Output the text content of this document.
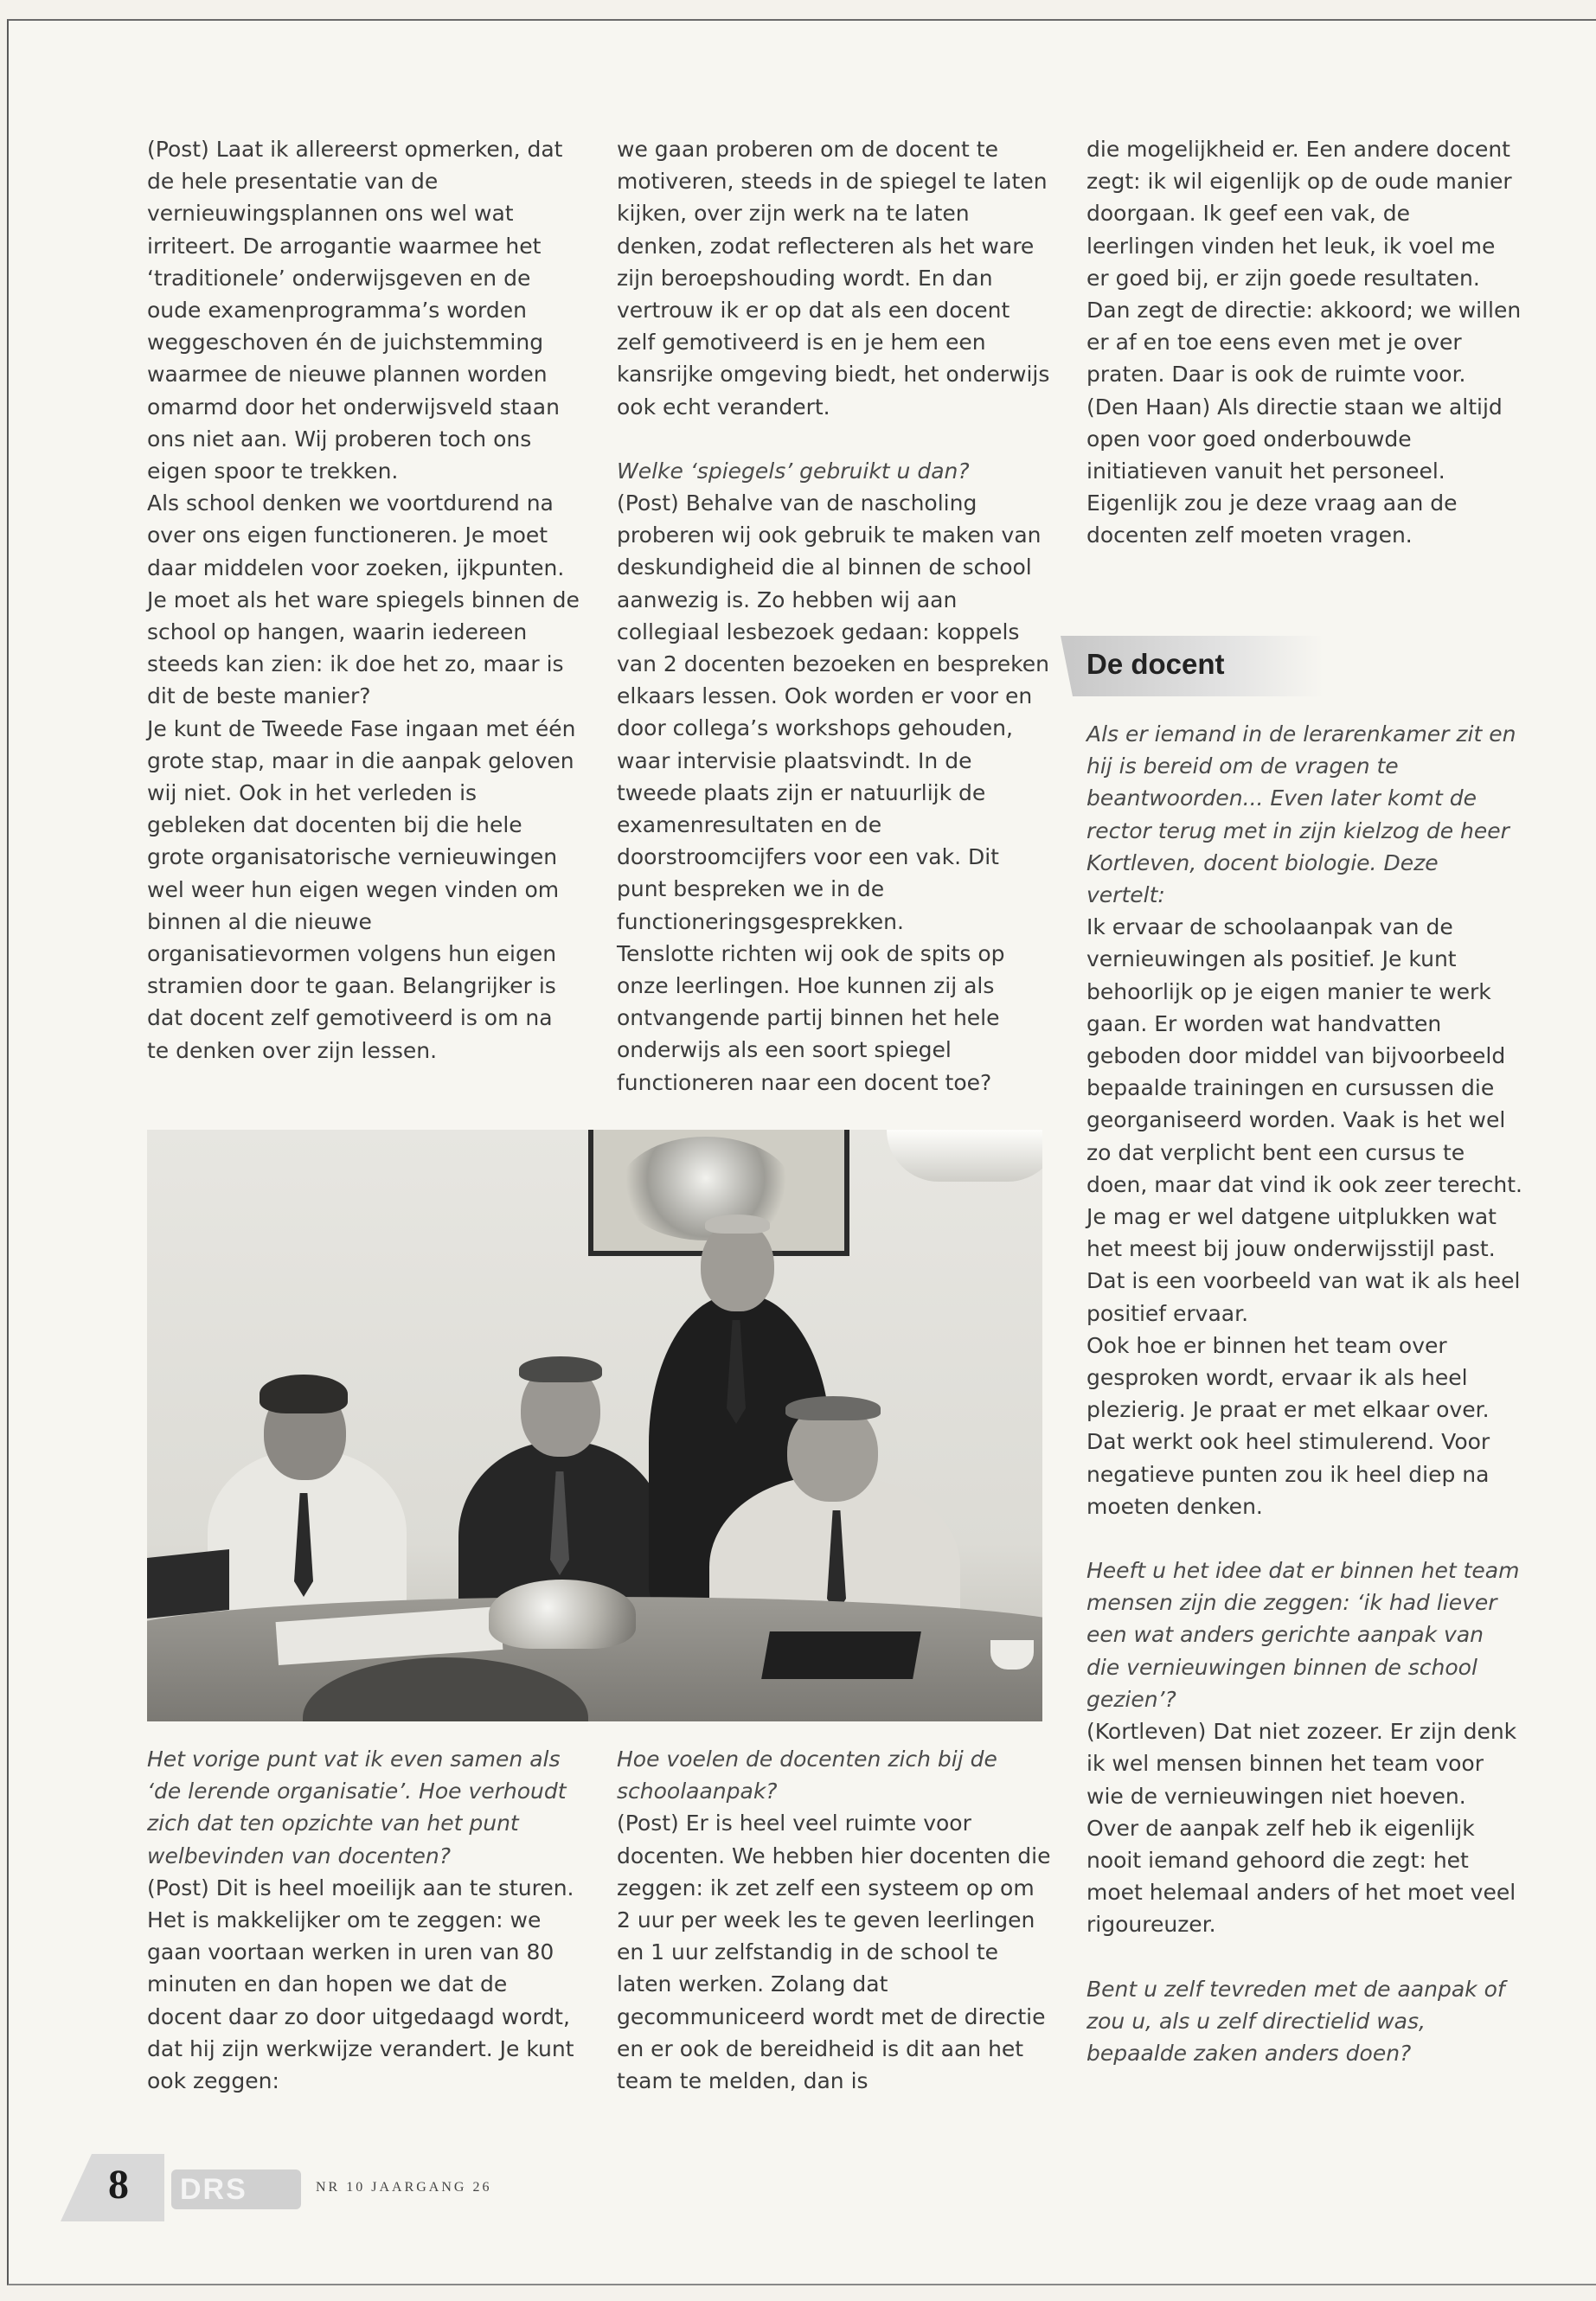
(Post) Laat ik allereerst opmerken, dat de hele presentatie van de vernieuwingsplannen ons wel wat irriteert. De arrogantie waarmee het ‘traditionele’ onderwijsgeven en de oude examenprogramma’s worden weggeschoven én de juichstemming waarmee de nieuwe plannen worden omarmd door het onderwijsveld staan ons niet aan. Wij proberen toch ons eigen spoor te trekken.

Als school denken we voortdurend na over ons eigen functioneren. Je moet daar middelen voor zoeken, ijkpunten. Je moet als het ware spiegels binnen de school op hangen, waarin iedereen steeds kan zien: ik doe het zo, maar is dit de beste manier?

Je kunt de Tweede Fase ingaan met één grote stap, maar in die aanpak geloven wij niet. Ook in het verleden is gebleken dat docenten bij die hele grote organisatorische vernieuwingen wel weer hun eigen wegen vinden om binnen al die nieuwe organisatievormen volgens hun eigen stramien door te gaan. Belangrijker is dat docent zelf gemotiveerd is om na te denken over zijn lessen.

we gaan proberen om de docent te motiveren, steeds in de spiegel te laten kijken, over zijn werk na te laten denken, zodat reflecteren als het ware zijn beroepshouding wordt. En dan vertrouw ik er op dat als een docent zelf gemotiveerd is en je hem een kansrijke omgeving biedt, het onderwijs ook echt verandert.

Welke ‘spiegels’ gebruikt u dan?

(Post) Behalve van de nascholing proberen wij ook gebruik te maken van deskundigheid die al binnen de school aanwezig is. Zo hebben wij aan collegiaal lesbezoek gedaan: koppels van 2 docenten bezoeken en bespreken elkaars lessen. Ook worden er voor en door collega’s workshops gehouden, waar intervisie plaatsvindt. In de tweede plaats zijn er natuurlijk de examenresultaten en de doorstroomcijfers voor een vak. Dit punt bespreken we in de functioneringsgesprekken.

Tenslotte richten wij ook de spits op onze leerlingen. Hoe kunnen zij als ontvangende partij binnen het hele onderwijs als een soort spiegel functioneren naar een docent toe?

die mogelijkheid er. Een andere docent zegt: ik wil eigenlijk op de oude manier doorgaan. Ik geef een vak, de leerlingen vinden het leuk, ik voel me er goed bij, er zijn goede resultaten. Dan zegt de directie: akkoord; we willen er af en toe eens even met je over praten. Daar is ook de ruimte voor.

(Den Haan) Als directie staan we altijd open voor goed onderbouwde initiatieven vanuit het personeel. Eigenlijk zou je deze vraag aan de docenten zelf moeten vragen.

De docent

Als er iemand in de lerarenkamer zit en hij is bereid om de vragen te beantwoorden... Even later komt de rector terug met in zijn kielzog de heer Kortleven, docent biologie. Deze vertelt:

Ik ervaar de schoolaanpak van de vernieuwingen als positief. Je kunt behoorlijk op je eigen manier te werk gaan. Er worden wat handvatten geboden door middel van bijvoorbeeld bepaalde trainingen en cursussen die georganiseerd worden. Vaak is het wel zo dat verplicht bent een cursus te doen, maar dat vind ik ook zeer terecht. Je mag er wel datgene uitplukken wat het meest bij jouw onderwijsstijl past. Dat is een voorbeeld van wat ik als heel positief ervaar.

Ook hoe er binnen het team over gesproken wordt, ervaar ik als heel plezierig. Je praat er met elkaar over. Dat werkt ook heel stimulerend. Voor negatieve punten zou ik heel diep na moeten denken.

Heeft u het idee dat er binnen het team mensen zijn die zeggen: ‘ik had liever een wat anders gerichte aanpak van die vernieuwingen binnen de school gezien’?

(Kortleven) Dat niet zozeer. Er zijn denk ik wel mensen binnen het team voor wie de vernieuwingen niet hoeven. Over de aanpak zelf heb ik eigenlijk nooit iemand gehoord die zegt: het moet helemaal anders of het moet veel rigoureuzer.

Bent u zelf tevreden met de aanpak of zou u, als u zelf directielid was, bepaalde zaken anders doen?

Het vorige punt vat ik even samen als ‘de lerende organisatie’. Hoe verhoudt zich dat ten opzichte van het punt welbevinden van docenten?

(Post) Dit is heel moeilijk aan te sturen. Het is makkelijker om te zeggen: we gaan voortaan werken in uren van 80 minuten en dan hopen we dat de docent daar zo door uitgedaagd wordt, dat hij zijn werkwijze verandert. Je kunt ook zeggen:

Hoe voelen de docenten zich bij de schoolaanpak?

(Post) Er is heel veel ruimte voor docenten. We hebben hier docenten die zeggen: ik zet zelf een systeem op om 2 uur per week les te geven leerlingen en 1 uur zelfstandig in de school te laten werken. Zolang dat gecommuniceerd wordt met de directie en er ook de bereidheid is dit aan het team te melden, dan is

8 DRS	NR 10 JAARGANG 26
